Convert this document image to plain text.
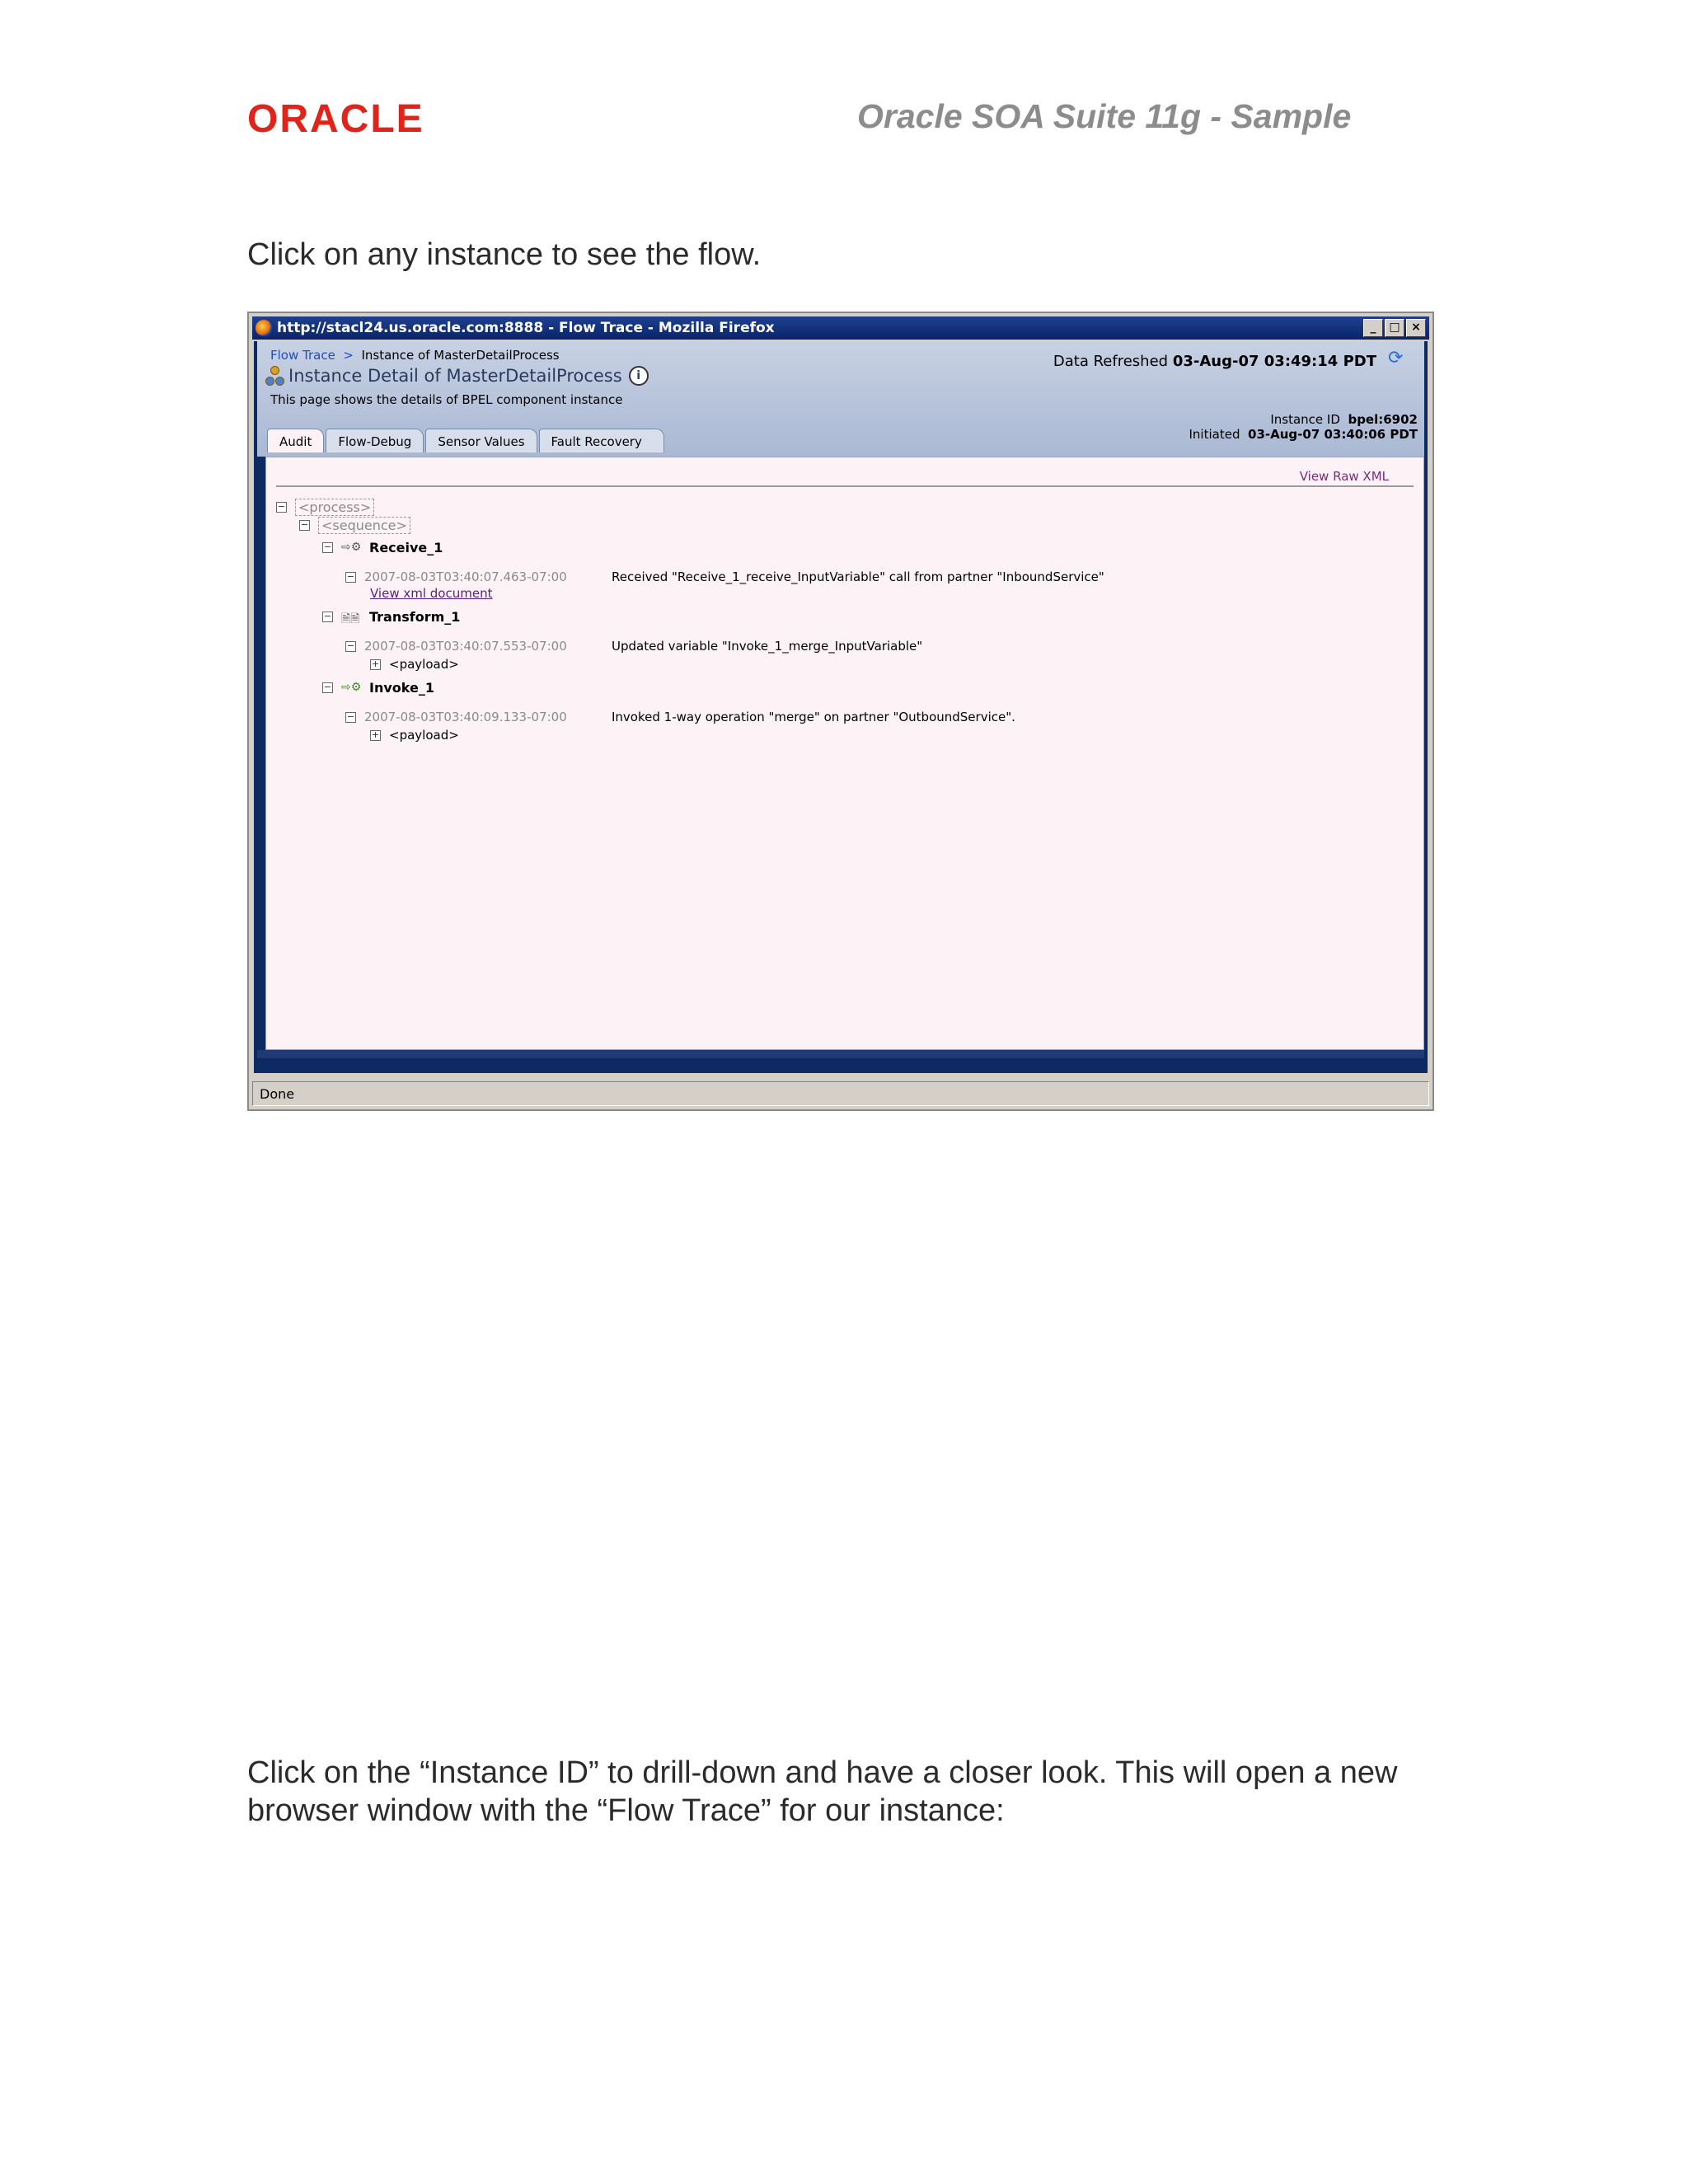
ORACLE	Oracle SOA Suite 11g - Sample
Click on any instance to see the flow.
http://stacl24.us.oracle.com:8888 - Flow Trace - Mozilla Firefox	_	□ ×
Flow Trace > Instance of MasterDetailProcess
Instance Detail of MasterDetailProcess	i
This page shows the details of BPEL component instance
Data Refreshed 03-Aug-07 03:49:14 PDT ⟳
Instance ID bpel:6902
Initiated 03-Aug-07 03:40:06 PDT
Audit	Flow-Debug	Sensor Values	Fault Recovery
View Raw XML
− <process>
− <sequence>
− ⇨⚙ Receive_1
− 2007-08-03T03:40:07.463-07:00	Received "Receive_1_receive_InputVariable" call from partner "InboundService"
View xml document
− 🗎🗎 Transform_1
− 2007-08-03T03:40:07.553-07:00	Updated variable "Invoke_1_merge_InputVariable"
+ <payload>
− ⇨⚙ Invoke_1
− 2007-08-03T03:40:09.133-07:00	Invoked 1-way operation "merge" on partner "OutboundService".
+ <payload>
Done
Click on the “Instance ID” to drill-down and have a closer look. This will open a new browser window with the “Flow Trace” for our instance:
